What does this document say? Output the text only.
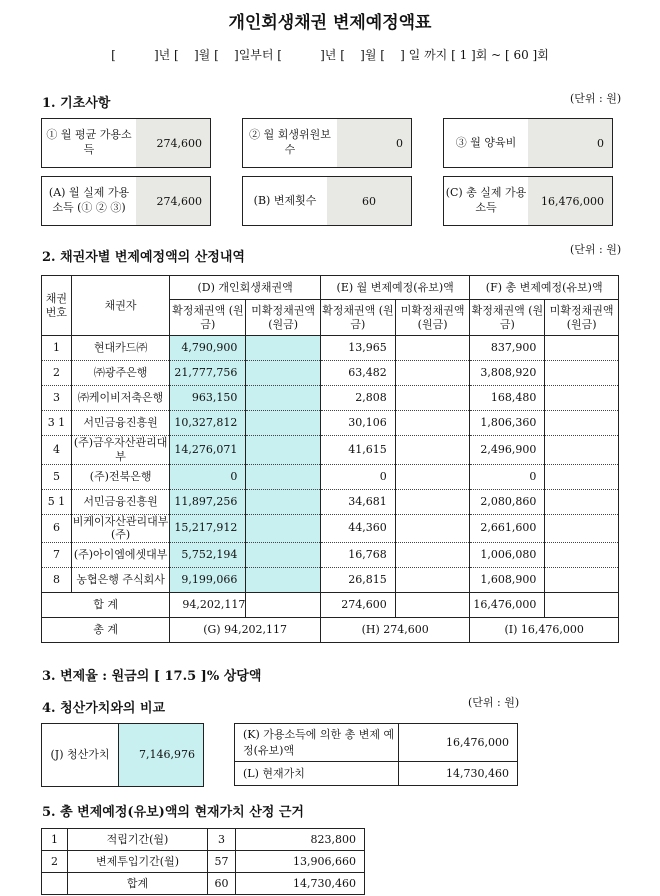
개인회생채권 변제예정액표
[          ]년 [    ]월 [    ]일부터 [          ]년 [    ]월 [    ] 일 까지 [ 1 ]회 ~ [ 60 ]회
1. 기초사항	(단위 : 원)
① 월 평균 가용소득	274,600
② 월 회생위원보수	0	③ 월 양육비	0
(A) 월 실제 가용소득 (① ② ③)	274,600	(B) 변제횟수	60
(C) 총 실제 가용소득	16,476,000
2. 채권자별 변제예정액의 산정내역
(단위 : 원)
채권 번호	채권자	(D) 개인회생채권액		(E) 월 변제예정(유보)액		(F) 총 변제예정(유보)액	
		확정채권액 (원금)	미확정채권액 (원금)	확정채권액 (원금)	미확정채권액 (원금)	확정채권액 (원금)	미확정채권액 (원금)
1	현대카드㈜	4,790,900		13,965		837,900	
2	㈜광주은행	21,777,756		63,482		3,808,920	
3	㈜케이비저축은행	963,150		2,808		168,480	
3 1	서민금융진흥원	10,327,812		30,106		1,806,360	
4	(주)금우자산관리대부	14,276,071		41,615		2,496,900	
5	(주)전북은행	0		0		0	
5 1	서민금융진흥원	11,897,256		34,681		2,080,860	
6	비케이자산관리대부(주)	15,217,912		44,360		2,661,600	
7	(주)아이엠에셋대부	5,752,194		16,768		1,006,080	
8	농협은행 주식회사	9,199,066		26,815		1,608,900	
합 계		94,202,117		274,600		16,476,000	
총 계		(G) 94,202,117		(H) 274,600		(I) 16,476,000	
3. 변제율 : 원금의 [ 17.5 ]% 상당액
4. 청산가치와의 비교	(단위 : 원)
(J) 청산가치	7,146,976
(K) 가용소득에 의한 총 변제 예정(유보)액	16,476,000
(L) 현재가치	14,730,460
5. 총 변제예정(유보)액의 현재가치 산정 근거
1	적립기간(월)	3	823,800
2	변제투입기간(월)	57	13,906,660
	합계	60	14,730,460
